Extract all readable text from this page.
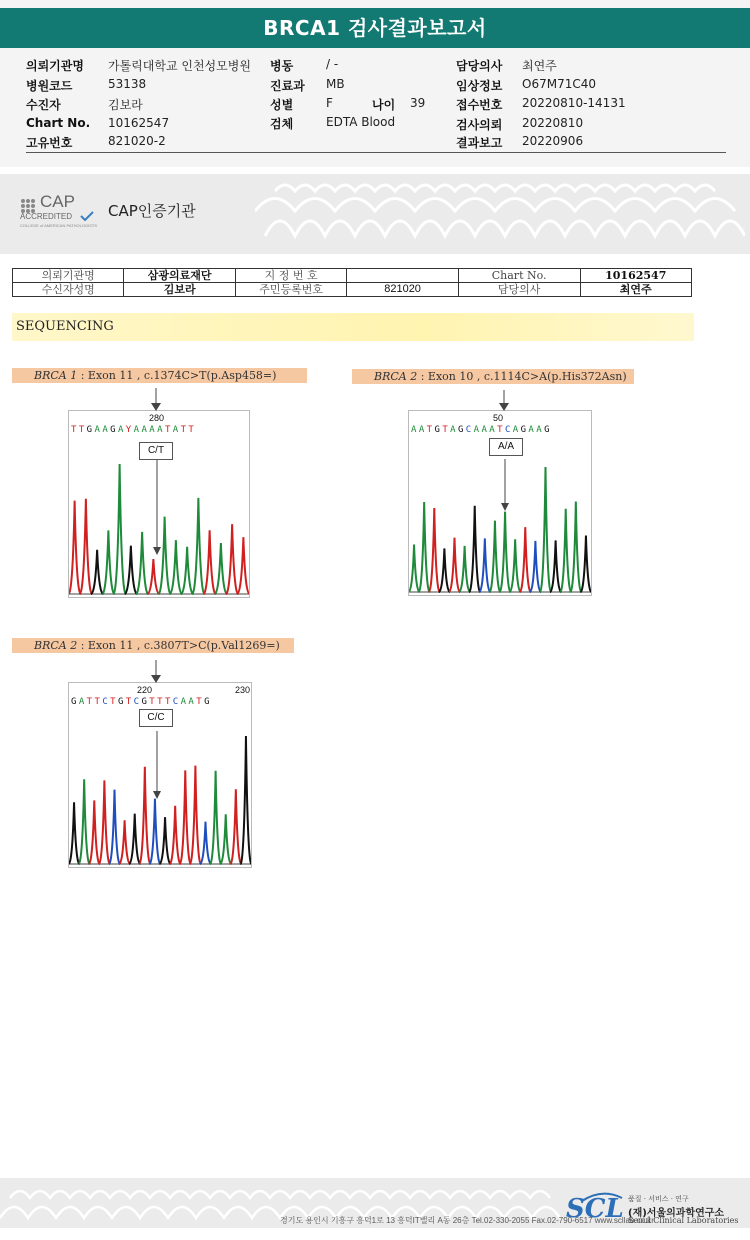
BRCA1 검사결과보고서
의뢰기관명 가톨릭대학교 인천성모병원 병동	/ -	담당의사 최연주
병원코드	53138	진료과 MB	임상정보 O67M71C40
수진자	김보라	성별	F	나이 39	접수번호 20220810-14131
Chart No. 10162547	검체	EDTA Blood	검사의뢰 20220810
고유번호	821020-2	결과보고 20220906
CAP
ACCREDITED
COLLEGE of AMERICAN PATHOLOGISTS
CAP인증기관
의뢰기관명	삼광의료재단	지 정 번 호		Chart No.	10162547
수신자성명	김보라	주민등록번호	821020	담당의사	최연주
SEQUENCING
BRCA 1 : Exon 11 , c.1374C>T(p.Asp458=)	BRCA 2 : Exon 10 , c.1114C>A(p.His372Asn)
BRCA 2 : Exon 11 , c.3807T>C(p.Val1269=)
280
TTGAAGAYAAAATATT
C/T
50
AATGTAGCAAATCAGAAG
A/A
220	230
GATTCTGTCGTTTCAATG
C/C
경기도 용인시 기흥구 흥덕1로 13 흥덕IT밸리 A동 26층 Tel.02-330-2055 Fax.02-790-6517 www.scllab.co.kr
SCL 품질 · 서비스 · 연구
(재)서울의과학연구소
Seoul Clinical Laboratories
